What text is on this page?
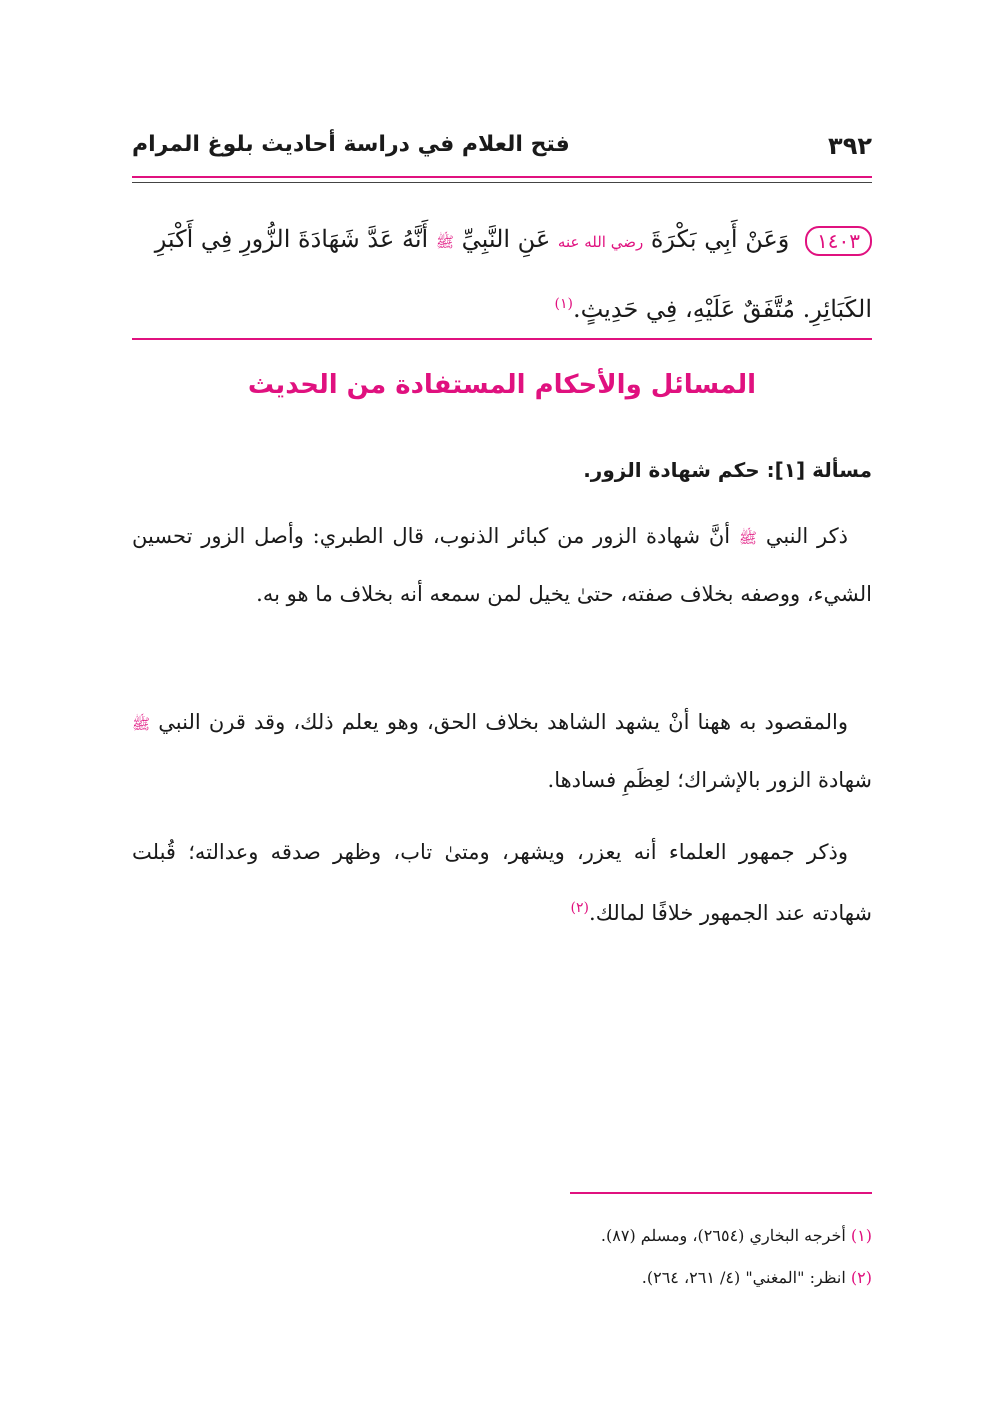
٣٩٢
فتح العلام في دراسة أحاديث بلوغ المرام
١٤٠٣ وَعَنْ أَبِي بَكْرَةَ رضي الله عنه عَنِ النَّبِيِّ ﷺ أَنَّهُ عَدَّ شَهَادَةَ الزُّورِ فِي أَكْبَرِ الكَبَائِرِ. مُتَّفَقٌ عَلَيْهِ، فِي حَدِيثٍ.$^{(١)}$
المسائل والأحكام المستفادة من الحديث
مسألة [١]: حكم شهادة الزور.
ذكر النبي ﷺ أنَّ شهادة الزور من كبائر الذنوب، قال الطبري: وأصل الزور تحسين الشيء، ووصفه بخلاف صفته، حتىٰ يخيل لمن سمعه أنه بخلاف ما هو به.
والمقصود به ههنا أنْ يشهد الشاهد بخلاف الحق، وهو يعلم ذلك، وقد قرن النبي ﷺ شهادة الزور بالإشراك؛ لعِظَمِ فسادها.
وذكر جمهور العلماء أنه يعزر، ويشهر، ومتىٰ تاب، وظهر صدقه وعدالته؛ قُبلت شهادته عند الجمهور خلافًا لمالك.$^{(٢)}$
(١) أخرجه البخاري (٢٦٥٤)، ومسلم (٨٧).
(٢) انظر: "المغني" (٤/ ٢٦١، ٢٦٤).
